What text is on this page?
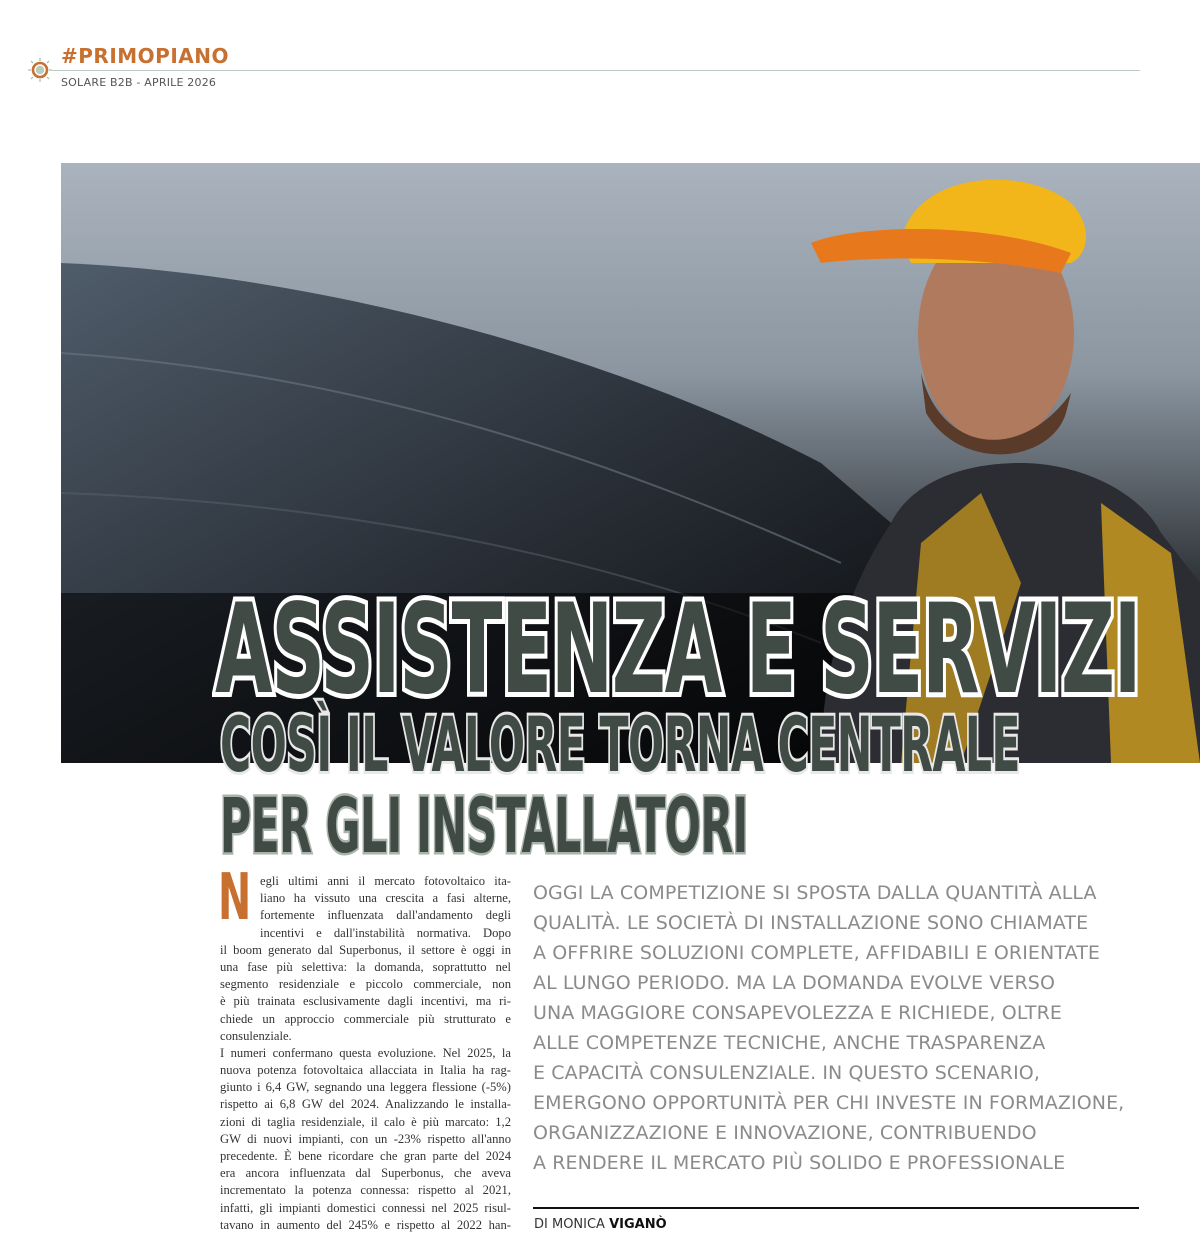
#PRIMOPIANO
SOLARE B2B - APRILE 2026
ASSISTENZA E SERVIZI
COSÌ IL VALORE TORNA CENTRALE
PER GLI INSTALLATORI
N egli ultimi anni il mercato fotovoltaico ita-
liano ha vissuto una crescita a fasi alterne,
fortemente influenzata dall'andamento degli
incentivi e dall'instabilità normativa. Dopo
il boom generato dal Superbonus, il settore è oggi in
una fase più selettiva: la domanda, soprattutto nel
segmento residenziale e piccolo commerciale, non
è più trainata esclusivamente dagli incentivi, ma ri-
chiede un approccio commerciale più strutturato e
consulenziale.
I numeri confermano questa evoluzione. Nel 2025, la
nuova potenza fotovoltaica allacciata in Italia ha rag-
giunto i 6,4 GW, segnando una leggera flessione (-5%)
rispetto ai 6,8 GW del 2024. Analizzando le installa-
zioni di taglia residenziale, il calo è più marcato: 1,2
GW di nuovi impianti, con un -23% rispetto all'anno
precedente. È bene ricordare che gran parte del 2024
era ancora influenzata dal Superbonus, che aveva
incrementato la potenza connessa: rispetto al 2021,
infatti, gli impianti domestici connessi nel 2025 risul-
tavano in aumento del 245% e rispetto al 2022 han-
OGGI LA COMPETIZIONE SI SPOSTA DALLA QUANTITÀ ALLA
QUALITÀ. LE SOCIETÀ DI INSTALLAZIONE SONO CHIAMATE
A OFFRIRE SOLUZIONI COMPLETE, AFFIDABILI E ORIENTATE
AL LUNGO PERIODO. MA LA DOMANDA EVOLVE VERSO
UNA MAGGIORE CONSAPEVOLEZZA E RICHIEDE, OLTRE
ALLE COMPETENZE TECNICHE, ANCHE TRASPARENZA
E CAPACITÀ CONSULENZIALE. IN QUESTO SCENARIO,
EMERGONO OPPORTUNITÀ PER CHI INVESTE IN FORMAZIONE,
ORGANIZZAZIONE E INNOVAZIONE, CONTRIBUENDO
A RENDERE IL MERCATO PIÙ SOLIDO E PROFESSIONALE
DI MONICA VIGANÒ
